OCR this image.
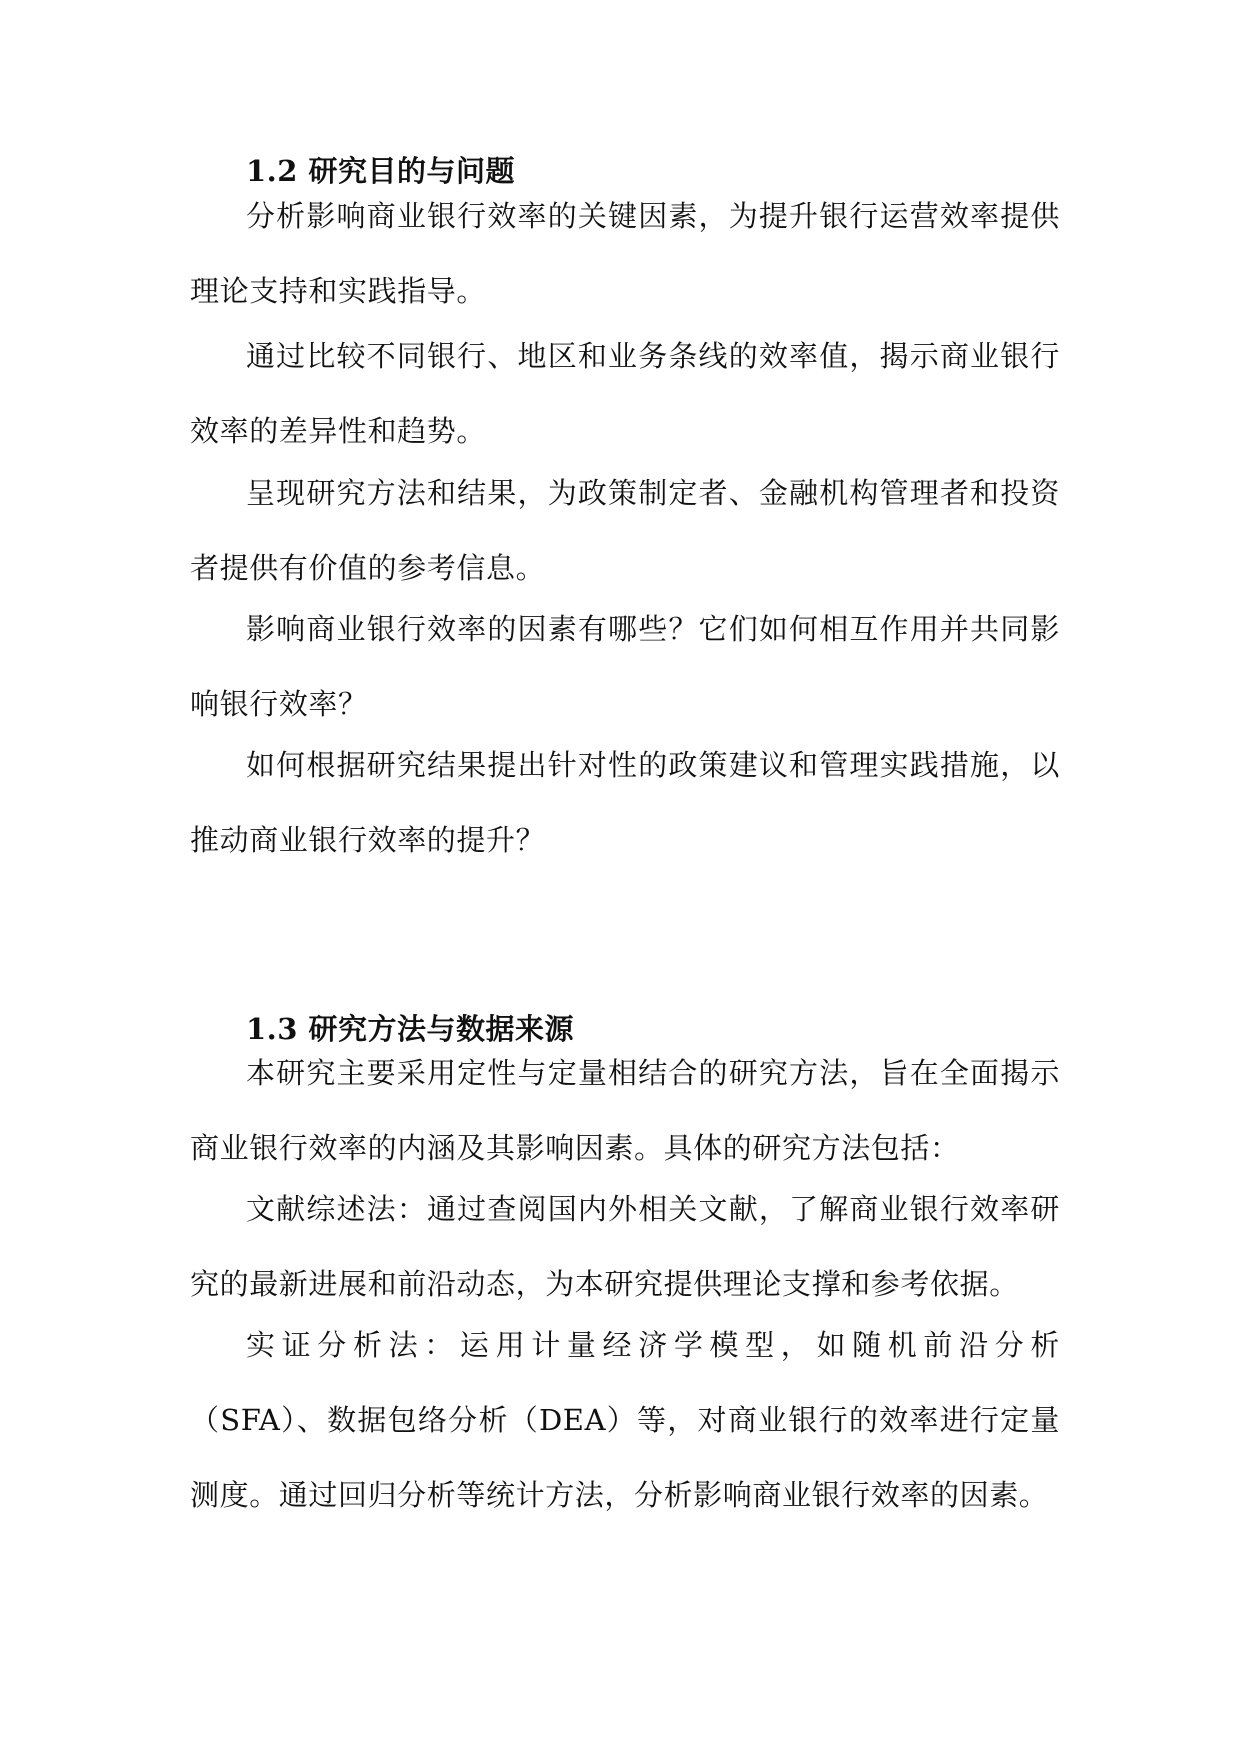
1.2 研究目的与问题

分析影响商业银行效率的关键因素，为提升银行运营效率提供理论支持和实践指导。

通过比较不同银行、地区和业务条线的效率值，揭示商业银行效率的差异性和趋势。

呈现研究方法和结果，为政策制定者、金融机构管理者和投资者提供有价值的参考信息。

影响商业银行效率的因素有哪些？它们如何相互作用并共同影响银行效率？

如何根据研究结果提出针对性的政策建议和管理实践措施，以推动商业银行效率的提升？

1.3 研究方法与数据来源

本研究主要采用定性与定量相结合的研究方法，旨在全面揭示商业银行效率的内涵及其影响因素。具体的研究方法包括：

文献综述法：通过查阅国内外相关文献，了解商业银行效率研究的最新进展和前沿动态，为本研究提供理论支撑和参考依据。

实证分析法：运用计量经济学模型，如随机前沿分析（SFA）、数据包络分析（DEA）等，对商业银行的效率进行定量测度。通过回归分析等统计方法，分析影响商业银行效率的因素。
